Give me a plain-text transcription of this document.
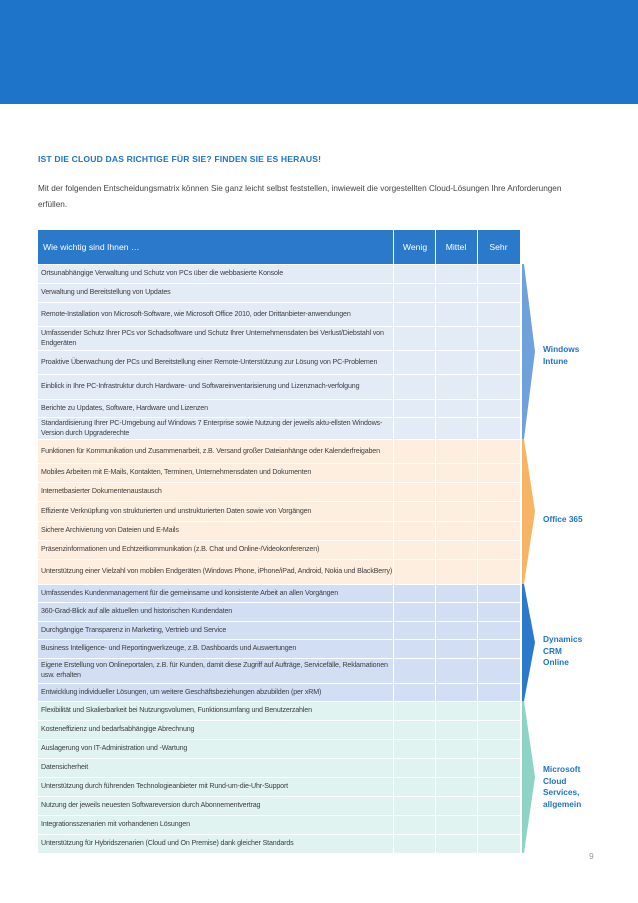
IST DIE CLOUD DAS RICHTIGE FÜR SIE? FINDEN SIE ES HERAUS!

Mit der folgenden Entscheidungsmatrix können Sie ganz leicht selbst feststellen, inwieweit die vorgestellten Cloud-Lösungen Ihre Anforderungen erfüllen.

Wie wichtig sind Ihnen …	Wenig	Mittel	Sehr
Ortsunabhängige Verwaltung und Schutz von PCs über die webbasierte Konsole
Verwaltung und Bereitstellung von Updates
Remote-Installation von Microsoft-Software, wie Microsoft Office 2010, oder Drittanbieter-anwendungen
Umfassender Schutz Ihrer PCs vor Schadsoftware und Schutz Ihrer Unternehmensdaten bei Verlust/Diebstahl von Endgeräten
Proaktive Überwachung der PCs und Bereitstellung einer Remote-Unterstützung zur Lösung von PC-Problemen
Einblick in Ihre PC-Infrastruktur durch Hardware- und Softwareinventarisierung und Lizenznach-verfolgung
Berichte zu Updates, Software, Hardware und Lizenzen
Standardisierung Ihrer PC-Umgebung auf Windows 7 Enterprise sowie Nutzung der jeweils aktu-ellsten Windows-Version durch Upgraderechte

Windows
Intune

Funktionen für Kommunikation und Zusammenarbeit, z.B. Versand großer Dateianhänge oder Kalenderfreigaben
Mobiles Arbeiten mit E-Mails, Kontakten, Terminen, Unternehmensdaten und Dokumenten
Internetbasierter Dokumentenaustausch
Effiziente Verknüpfung von strukturierten und unstrukturierten Daten sowie von Vorgängen
Sichere Archivierung von Dateien und E-Mails
Präsenzinformationen und Echtzeitkommunikation (z.B. Chat und Online-/Videokonferenzen)
Unterstützung einer Vielzahl von mobilen Endgeräten (Windows Phone, iPhone/iPad, Android, Nokia und BlackBerry)

Office 365

Umfassendes Kundenmanagement für die gemeinsame und konsistente Arbeit an allen Vorgängen
360-Grad-Blick auf alle aktuellen und historischen Kundendaten
Durchgängige Transparenz in Marketing, Vertrieb und Service
Business Intelligence- und Reportingwerkzeuge, z.B. Dashboards und Auswertungen
Eigene Erstellung von Onlineportalen, z.B. für Kunden, damit diese Zugriff auf Aufträge, Servicefälle, Reklamationen usw. erhalten
Entwicklung individueller Lösungen, um weitere Geschäftsbeziehungen abzubilden (per xRM)

Dynamics
CRM
Online

Flexibilität und Skalierbarkeit bei Nutzungsvolumen, Funktionsumfang und Benutzerzahlen
Kosteneffizienz und bedarfsabhängige Abrechnung
Auslagerung von IT-Administration und -Wartung
Datensicherheit
Unterstützung durch führenden Technologieanbieter mit Rund-um-die-Uhr-Support
Nutzung der jeweils neuesten Softwareversion durch Abonnementvertrag
Integrationsszenarien mit vorhandenen Lösungen
Unterstützung für Hybridszenarien (Cloud und On Premise) dank gleicher Standards

Microsoft
Cloud
Services,
allgemein

9
